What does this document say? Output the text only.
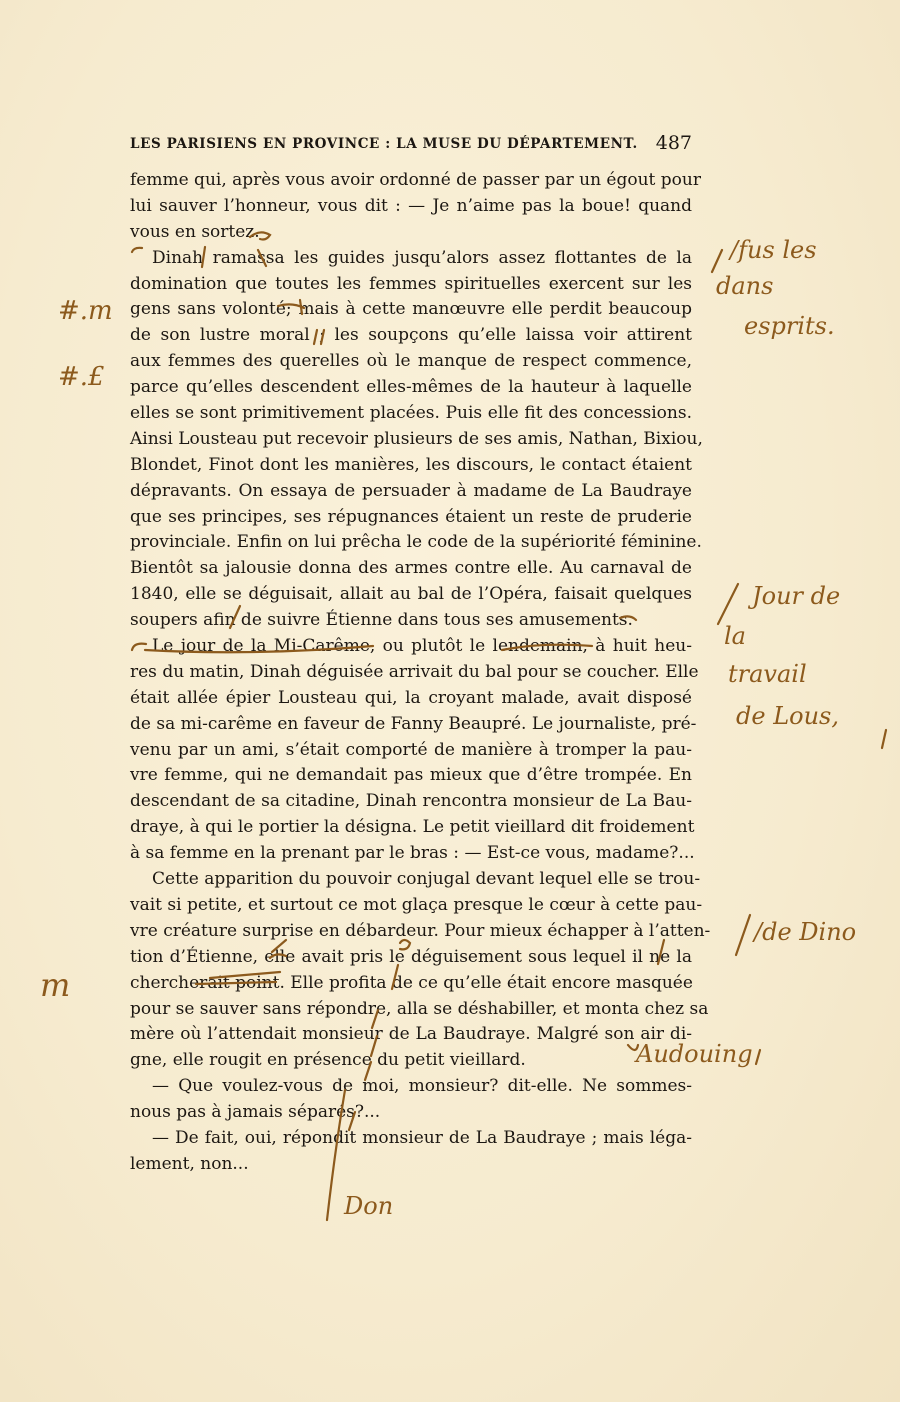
LES PARISIENS EN PROVINCE : LA MUSE DU DÉPARTEMENT. 487
femme qui, après vous avoir ordonné de passer par un égout pour
lui sauver l’honneur, vous dit : — Je n’aime pas la boue! quand
vous en sortez.
Dinah ramassa les guides jusqu’alors assez flottantes de la
domination que toutes les femmes spirituelles exercent sur les
gens sans volonté; mais à cette manœuvre elle perdit beaucoup
de son lustre moral ; les soupçons qu’elle laissa voir attirent
aux femmes des querelles où le manque de respect commence,
parce qu’elles descendent elles-mêmes de la hauteur à laquelle
elles se sont primitivement placées. Puis elle fit des concessions.
Ainsi Lousteau put recevoir plusieurs de ses amis, Nathan, Bixiou,
Blondet, Finot dont les manières, les discours, le contact étaient
dépravants. On essaya de persuader à madame de La Baudraye
que ses principes, ses répugnances étaient un reste de pruderie
provinciale. Enfin on lui prêcha le code de la supériorité féminine.
Bientôt sa jalousie donna des armes contre elle. Au carnaval de
1840, elle se déguisait, allait au bal de l’Opéra, faisait quelques
soupers afin de suivre Étienne dans tous ses amusements.
Le jour de la Mi-Carême, ou plutôt le lendemain, à huit heu-
res du matin, Dinah déguisée arrivait du bal pour se coucher. Elle
était allée épier Lousteau qui, la croyant malade, avait disposé
de sa mi-carême en faveur de Fanny Beaupré. Le journaliste, pré-
venu par un ami, s’était comporté de manière à tromper la pau-
vre femme, qui ne demandait pas mieux que d’être trompée. En
descendant de sa citadine, Dinah rencontra monsieur de La Bau-
draye, à qui le portier la désigna. Le petit vieillard dit froidement
à sa femme en la prenant par le bras : — Est-ce vous, madame?...
Cette apparition du pouvoir conjugal devant lequel elle se trou-
vait si petite, et surtout ce mot glaça presque le cœur à cette pau-
vre créature surprise en débardeur. Pour mieux échapper à l’atten-
tion d’Étienne, elle avait pris le déguisement sous lequel il ne la
chercherait point. Elle profita de ce qu’elle était encore masquée
pour se sauver sans répondre, alla se déshabiller, et monta chez sa
mère où l’attendait monsieur de La Baudraye. Malgré son air di-
gne, elle rougit en présence du petit vieillard.
— Que voulez-vous de moi, monsieur? dit-elle. Ne sommes-
nous pas à jamais séparés?...
— De fait, oui, répondit monsieur de La Baudraye ; mais léga-
lement, non...
#.m
#.£
m
/fus les
dans
esprits.
Jour de
la
travail
de Lous,
/de Dino
Audouing
Don
